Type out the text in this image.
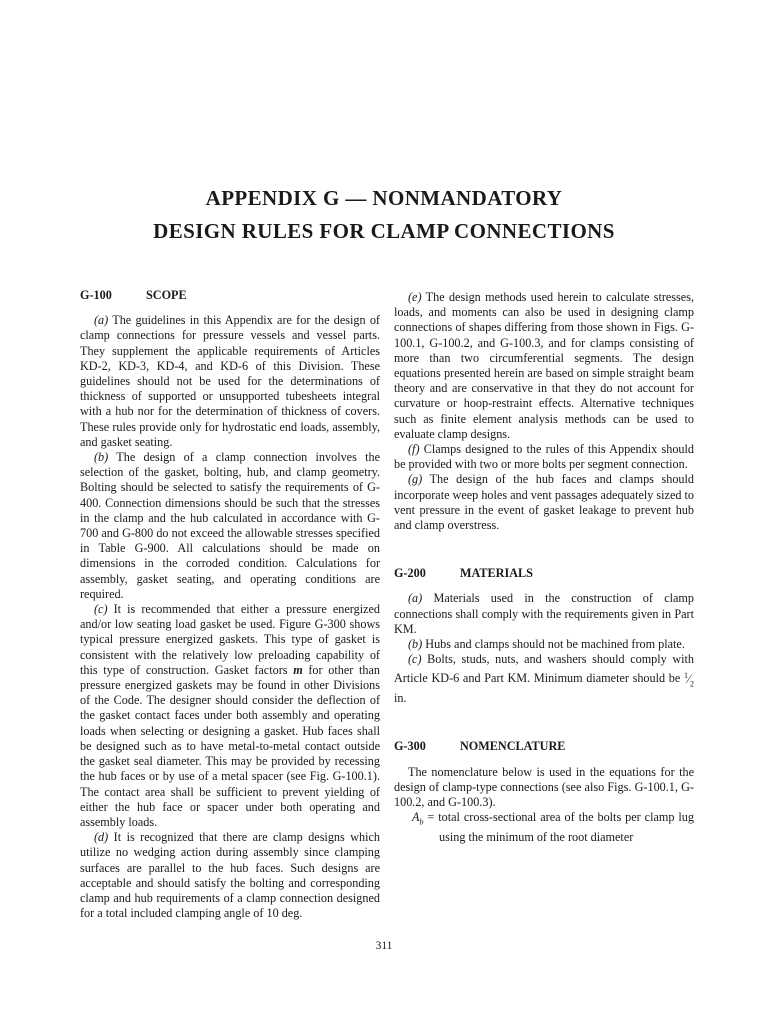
APPENDIX G — NONMANDATORY
DESIGN RULES FOR CLAMP CONNECTIONS
G-100	SCOPE

(a) The guidelines in this Appendix are for the design of clamp connections for pressure vessels and vessel parts. They supplement the applicable requirements of Articles KD-2, KD-3, KD-4, and KD-6 of this Division. These guidelines should not be used for the determinations of thickness of supported or unsupported tubesheets integral with a hub nor for the determination of thickness of covers. These rules provide only for hydrostatic end loads, assembly, and gasket seating.

(b) The design of a clamp connection involves the selection of the gasket, bolting, hub, and clamp geometry. Bolting should be selected to satisfy the requirements of G-400. Connection dimensions should be such that the stresses in the clamp and the hub calculated in accordance with G-700 and G-800 do not exceed the allowable stresses specified in Table G-900. All calculations should be made on dimensions in the corroded condition. Calculations for assembly, gasket seating, and operating conditions are required.

(c) It is recommended that either a pressure energized and/or low seating load gasket be used. Figure G-300 shows typical pressure energized gaskets. This type of gasket is consistent with the relatively low preloading capability of this type of construction. Gasket factors m for other than pressure energized gaskets may be found in other Divisions of the Code. The designer should consider the deflection of the gasket contact faces under both assembly and operating loads when selecting or designing a gasket. Hub faces shall be designed such as to have metal-to-metal contact outside the gasket seal diameter. This may be provided by recessing the hub faces or by use of a metal spacer (see Fig. G-100.1). The contact area shall be sufficient to prevent yielding of either the hub face or spacer under both operating and assembly loads.

(d) It is recognized that there are clamp designs which utilize no wedging action during assembly since clamping surfaces are parallel to the hub faces. Such designs are acceptable and should satisfy the bolting and corresponding clamp and hub requirements of a clamp connection designed for a total included clamping angle of 10 deg.

(e) The design methods used herein to calculate stresses, loads, and moments can also be used in designing clamp connections of shapes differing from those shown in Figs. G-100.1, G-100.2, and G-100.3, and for clamps consisting of more than two circumferential segments. The design equations presented herein are based on simple straight beam theory and are conservative in that they do not account for curvature or hoop-restraint effects. Alternative techniques such as finite element analysis methods can be used to evaluate clamp designs.

(f) Clamps designed to the rules of this Appendix should be provided with two or more bolts per segment connection.

(g) The design of the hub faces and clamps should incorporate weep holes and vent passages adequately sized to vent pressure in the event of gasket leakage to prevent hub and clamp overstress.

G-200	MATERIALS

(a) Materials used in the construction of clamp connections shall comply with the requirements given in Part KM.

(b) Hubs and clamps should not be machined from plate.

(c) Bolts, studs, nuts, and washers should comply with Article KD-6 and Part KM. Minimum diameter should be $^1⁄_2$ in.

G-300	NOMENCLATURE

The nomenclature below is used in the equations for the design of clamp-type connections (see also Figs. G-100.1, G-100.2, and G-100.3).

$A_b$ = total cross-sectional area of the bolts per clamp lug using the minimum of the root diameter

311
